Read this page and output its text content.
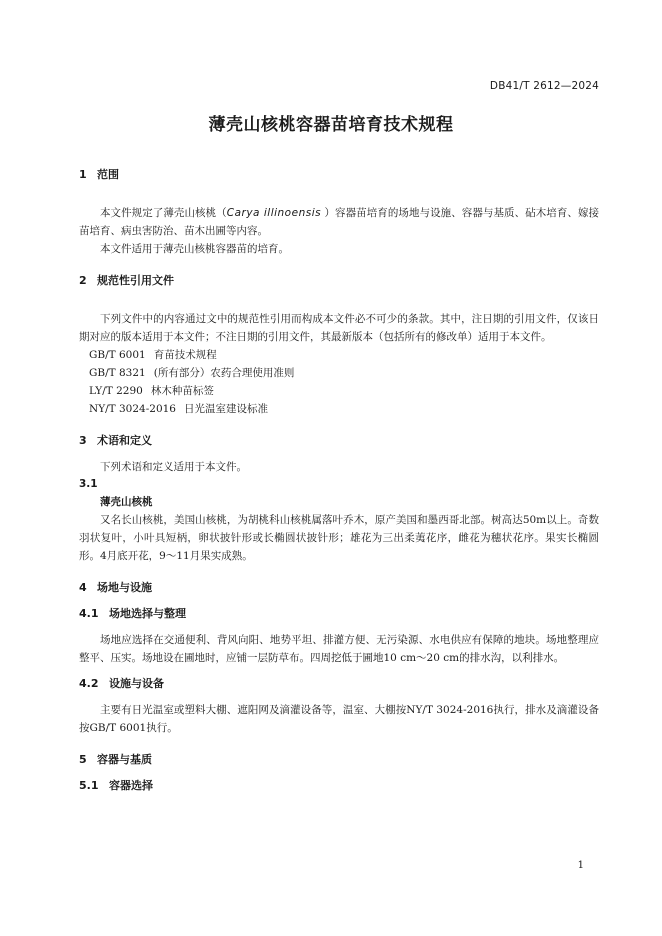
DB41/T 2612—2024
薄壳山核桃容器苗培育技术规程
1 范围

本文件规定了薄壳山核桃（Carya illinoensis ）容器苗培育的场地与设施、容器与基质、砧木培育、嫁接苗培育、病虫害防治、苗木出圃等内容。

本文件适用于薄壳山核桃容器苗的培育。

2 规范性引用文件

下列文件中的内容通过文中的规范性引用而构成本文件必不可少的条款。其中，注日期的引用文件，仅该日期对应的版本适用于本文件；不注日期的引用文件，其最新版本（包括所有的修改单）适用于本文件。

GB/T 6001 育苗技术规程

GB/T 8321 (所有部分）农药合理使用准则

LY/T 2290 林木种苗标签

NY/T 3024-2016 日光温室建设标准

3 术语和定义

下列术语和定义适用于本文件。

3.1
薄壳山核桃

又名长山核桃，美国山核桃，为胡桃科山核桃属落叶乔木，原产美国和墨西哥北部。树高达50m以上。奇数羽状复叶，小叶具短柄，卵状披针形或长椭圆状披针形；雄花为三出柔荑花序，雌花为穗状花序。果实长椭圆形。4月底开花，9～11月果实成熟。

4 场地与设施
4.1 场地选择与整理

场地应选择在交通便利、背风向阳、地势平坦、排灌方便、无污染源、水电供应有保障的地块。场地整理应整平、压实。场地设在圃地时，应铺一层防草布。四周挖低于圃地10 cm～20 cm的排水沟，以利排水。

4.2 设施与设备

主要有日光温室或塑料大棚、遮阳网及滴灌设备等，温室、大棚按NY/T 3024-2016执行，排水及滴灌设备按GB/T 6001执行。

5 容器与基质
5.1 容器选择
1
